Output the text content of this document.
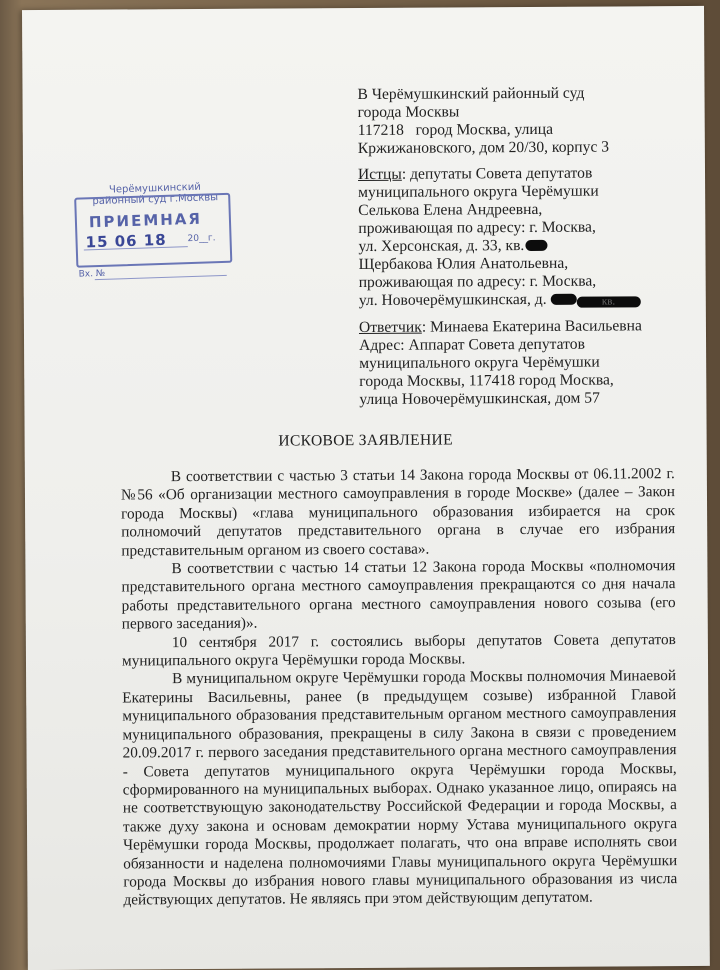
В Черёмушкинский районный суд
города Москвы
117218   город Москва, улица
Кржижановского, дом 20/30, корпус 3
Истцы: депутаты Совета депутатов
муниципального округа Черёмушки
Селькова Елена Андреевна,
проживающая по адресу: г. Москва,
ул. Херсонская, д. 33, кв.
Щербакова Юлия Анатольевна,
проживающая по адресу: г. Москва,
ул. Новочерёмушкинская, д.	кв.
Ответчик: Минаева Екатерина Васильевна
Адрес: Аппарат Совета депутатов
муниципального округа Черёмушки
города Москвы, 117418 город Москва,
улица Новочерёмушкинская, дом 57
Черёмушкинский
районный суд г.Москвы
ПРИЕМНАЯ
15 06 18 20__г.
Вх. №
ИСКОВОЕ ЗАЯВЛЕНИЕ

В соответствии с частью 3 статьи 14 Закона города Москвы от 06.11.2002 г. №56 «Об организации местного самоуправления в городе Москве» (далее – Закон города Москвы) «глава муниципального образования избирается на срок полномочий депутатов представительного органа в случае его избрания представительным органом из своего состава».

В соответствии с частью 14 статьи 12 Закона города Москвы «полномочия представительного органа местного самоуправления прекращаются со дня начала работы представительного органа местного самоуправления нового созыва (его первого заседания)».

10 сентября 2017 г. состоялись выборы депутатов Совета депутатов муниципального округа Черёмушки города Москвы.

В муниципальном округе Черёмушки города Москвы полномочия Минаевой Екатерины Васильевны, ранее (в предыдущем созыве) избранной Главой муниципального образования представительным органом местного самоуправления муниципального образования, прекращены в силу Закона в связи с проведением 20.09.2017 г. первого заседания представительного органа местного самоуправления - Совета депутатов муниципального округа Черёмушки города Москвы, сформированного на муниципальных выборах. Однако указанное лицо, опираясь на не соответствующую законодательству Российской Федерации и города Москвы, а также духу закона и основам демократии норму Устава муниципального округа Черёмушки города Москвы, продолжает полагать, что она вправе исполнять свои обязанности и наделена полномочиями Главы муниципального округа Черёмушки города Москвы до избрания нового главы муниципального образования из числа действующих депутатов. Не являясь при этом действующим депутатом.
